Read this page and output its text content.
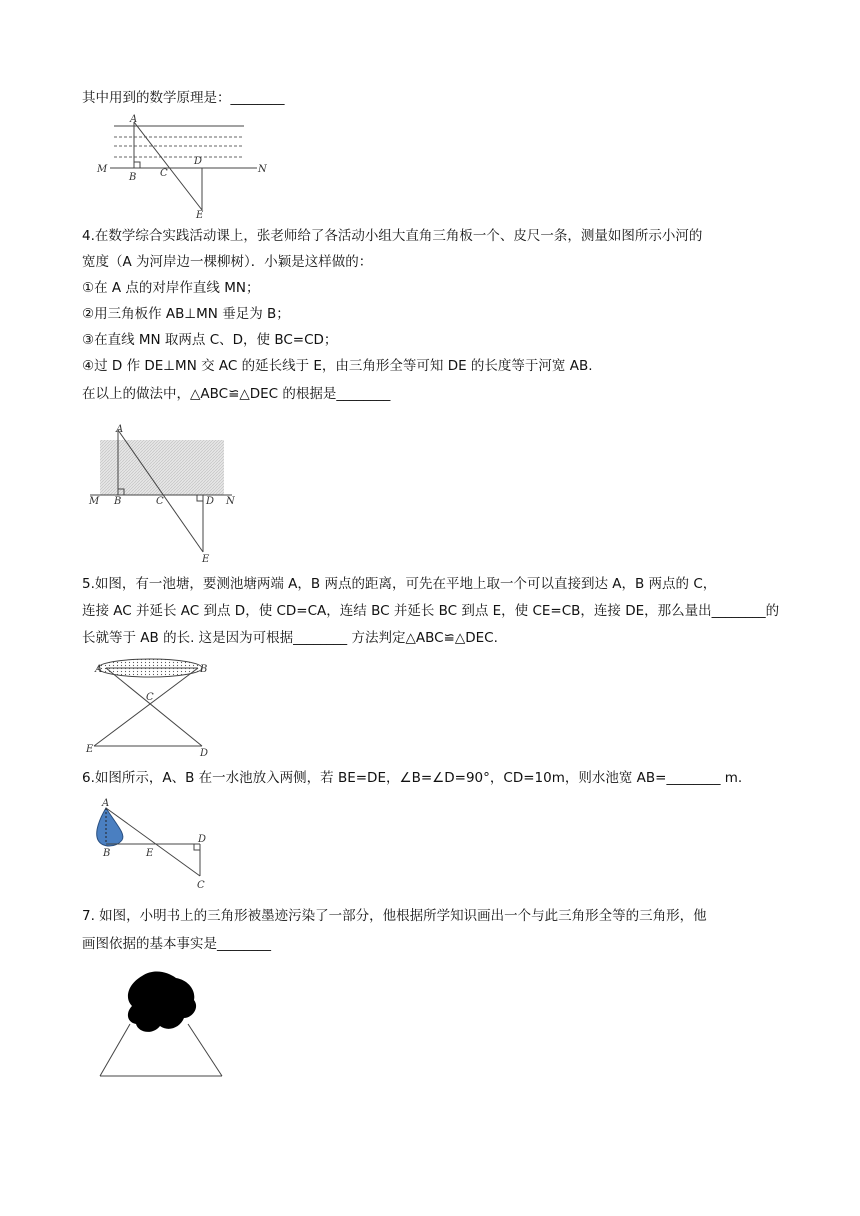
其中用到的数学原理是：________
A
B C
D
E
M	N
4.在数学综合实践活动课上，张老师给了各活动小组大直角三角板一个、皮尺一条，测量如图所示小河的
宽度（A 为河岸边一棵柳树）．小颖是这样做的：
①在 A 点的对岸作直线 MN；
②用三角板作 AB⊥MN 垂足为 B；
③在直线 MN 取两点 C、D，使 BC=CD；
④过 D 作 DE⊥MN 交 AC 的延长线于 E，由三角形全等可知 DE 的长度等于河宽 AB.
在以上的做法中，△ABC≌△DEC 的根据是________
A
M B	C	D N
E
5.如图，有一池塘，要测池塘两端 A，B 两点的距离，可先在平地上取一个可以直接到达 A，B 两点的 C，
连接 AC 并延长 AC 到点 D，使 CD=CA，连结 BC 并延长 BC 到点 E，使 CE=CB，连接 DE，那么量出________的
长就等于 AB 的长. 这是因为可根据________ 方法判定△ABC≌△DEC.
A	B
C
E	D
6.如图所示，A、B 在一水池放入两侧，若 BE=DE，∠B=∠D=90°，CD=10m，则水池宽 AB=________ m.
A
B	E
D
C
7. 如图，小明书上的三角形被墨迹污染了一部分，他根据所学知识画出一个与此三角形全等的三角形，他
画图依据的基本事实是________
